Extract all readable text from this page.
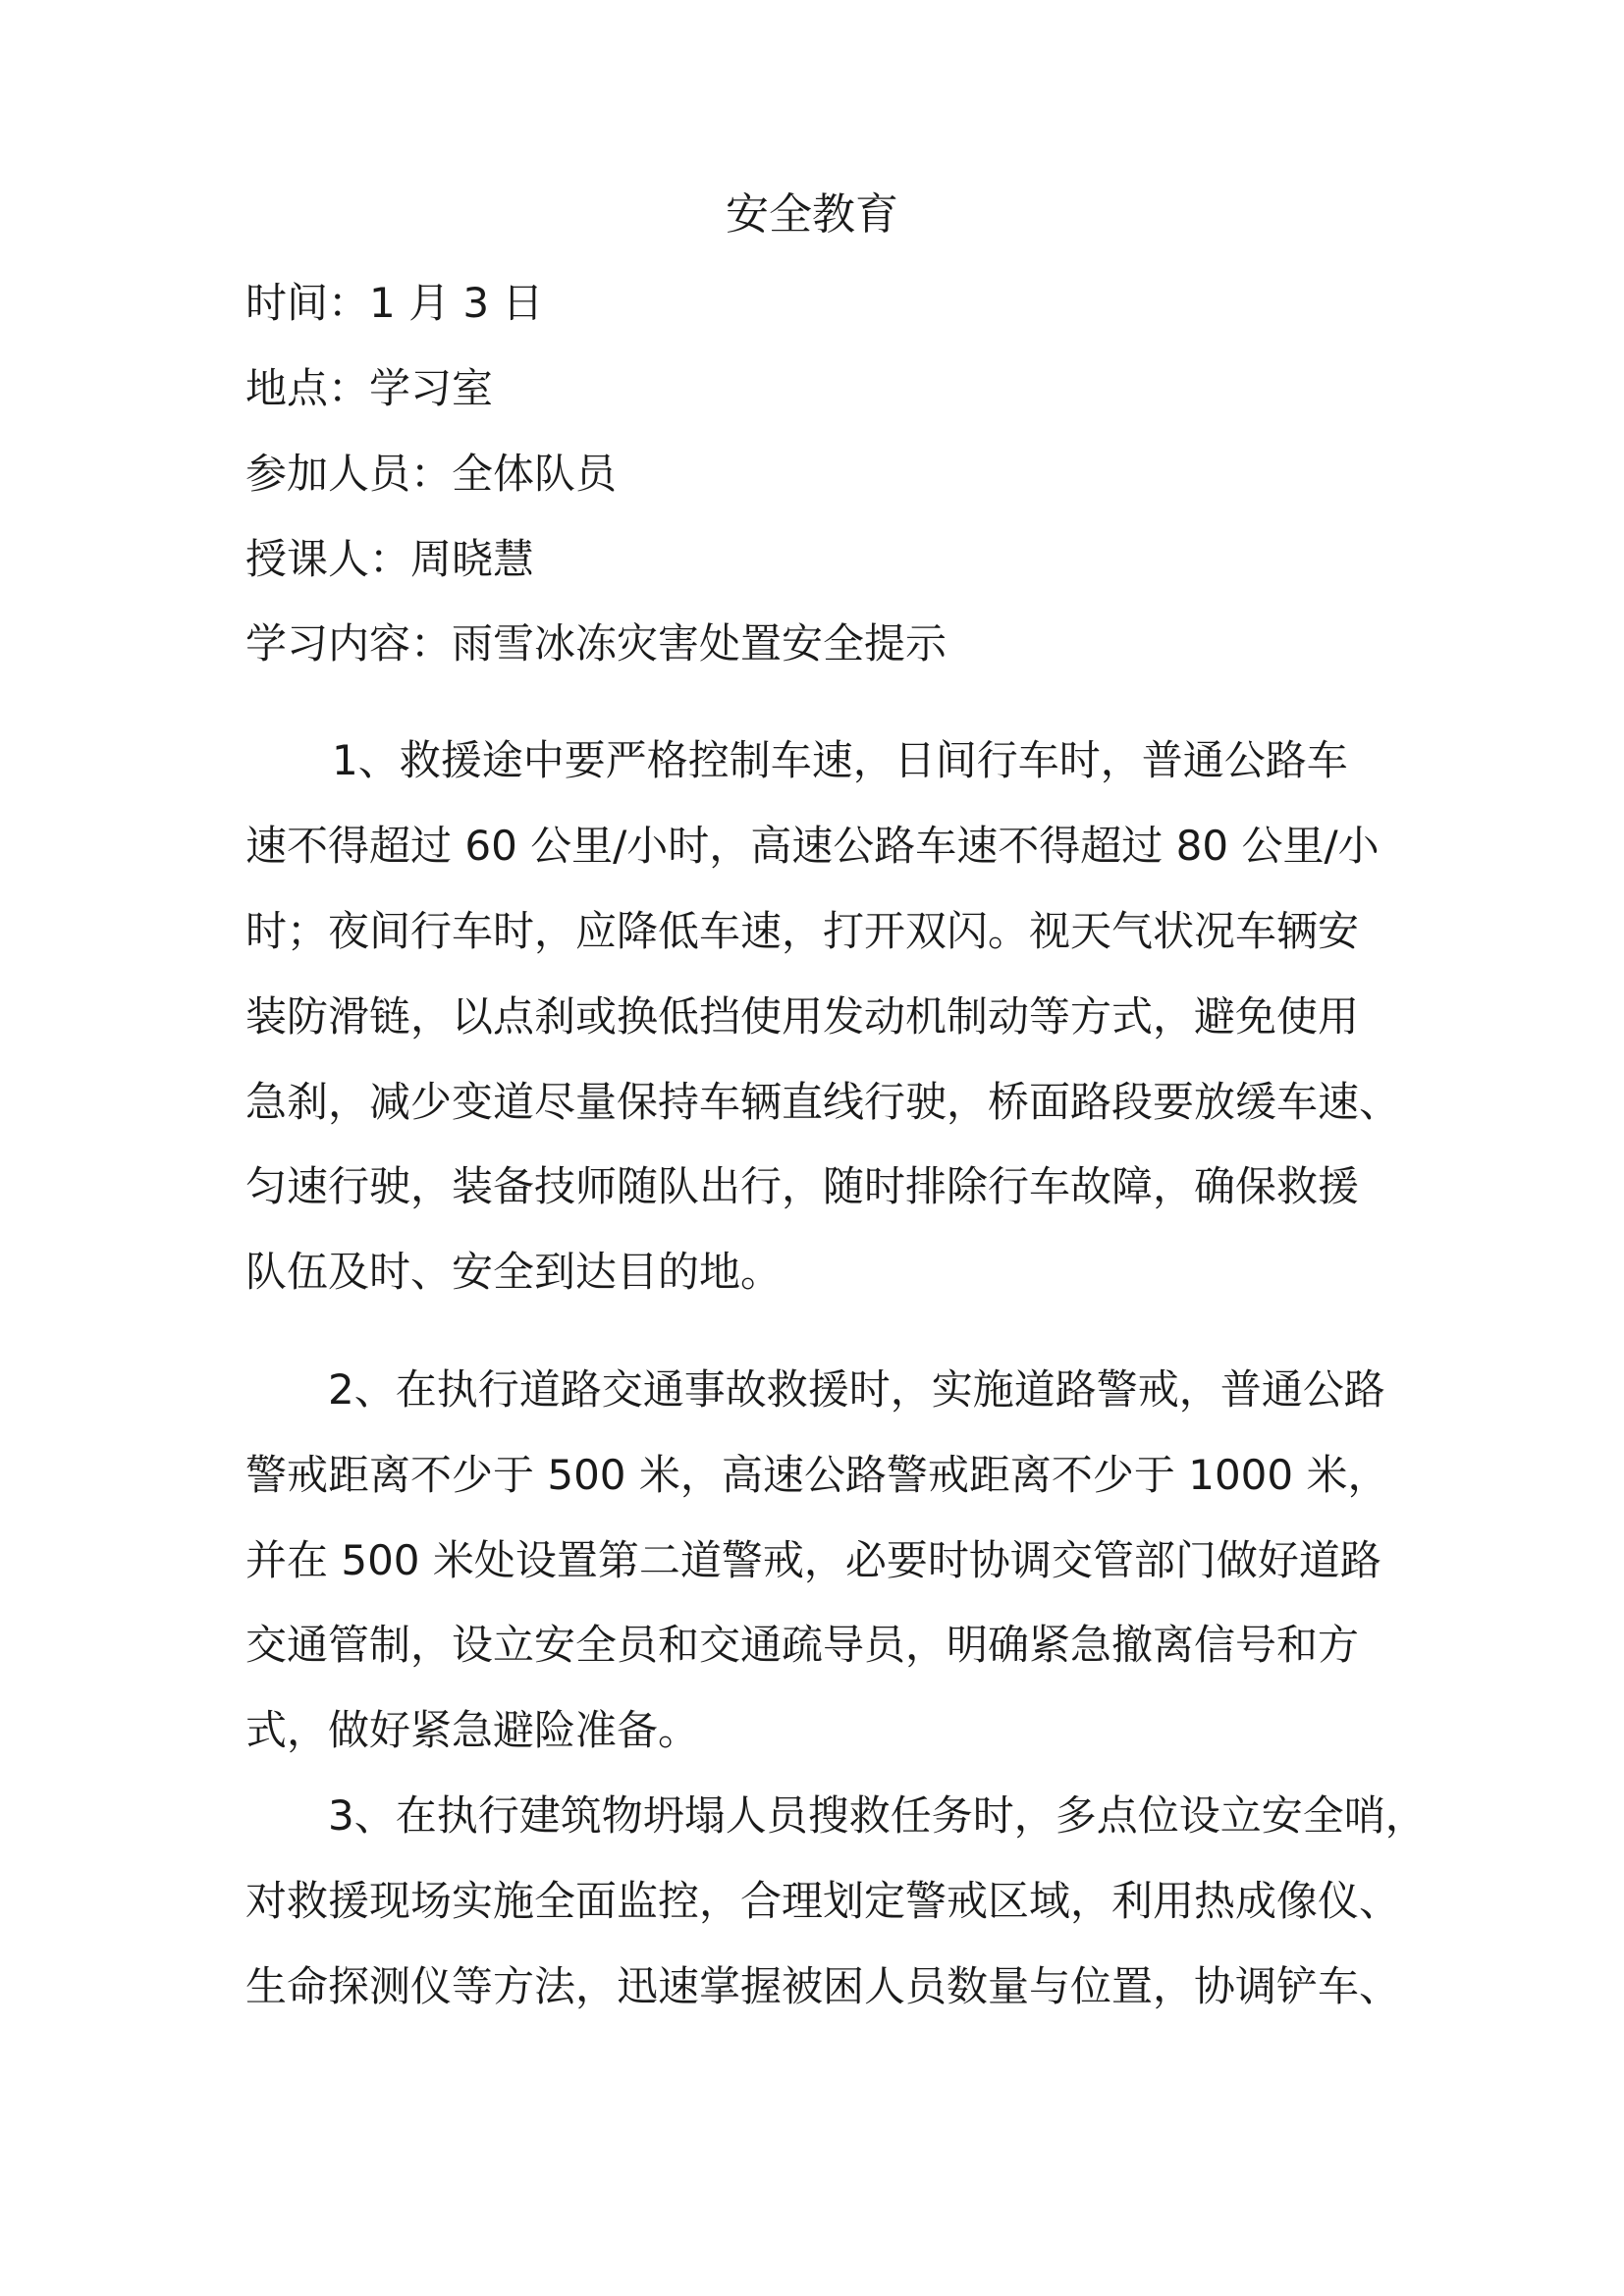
安全教育

时间：1 月 3 日

地点：学习室

参加人员：全体队员

授课人：周晓慧

学习内容：雨雪冰冻灾害处置安全提示

1、救援途中要严格控制车速，日间行车时，普通公路车

速不得超过 60 公里/小时，高速公路车速不得超过 80 公里/小

时；夜间行车时，应降低车速，打开双闪。视天气状况车辆安

装防滑链，以点刹或换低挡使用发动机制动等方式，避免使用

急刹，减少变道尽量保持车辆直线行驶，桥面路段要放缓车速、

匀速行驶，装备技师随队出行，随时排除行车故障，确保救援

队伍及时、安全到达目的地。

2、在执行道路交通事故救援时，实施道路警戒，普通公路

警戒距离不少于 500 米，高速公路警戒距离不少于 1000 米，

并在 500 米处设置第二道警戒，必要时协调交管部门做好道路

交通管制，设立安全员和交通疏导员，明确紧急撤离信号和方

式，做好紧急避险准备。

3、在执行建筑物坍塌人员搜救任务时，多点位设立安全哨，

对救援现场实施全面监控，合理划定警戒区域，利用热成像仪、

生命探测仪等方法，迅速掌握被困人员数量与位置，协调铲车、
